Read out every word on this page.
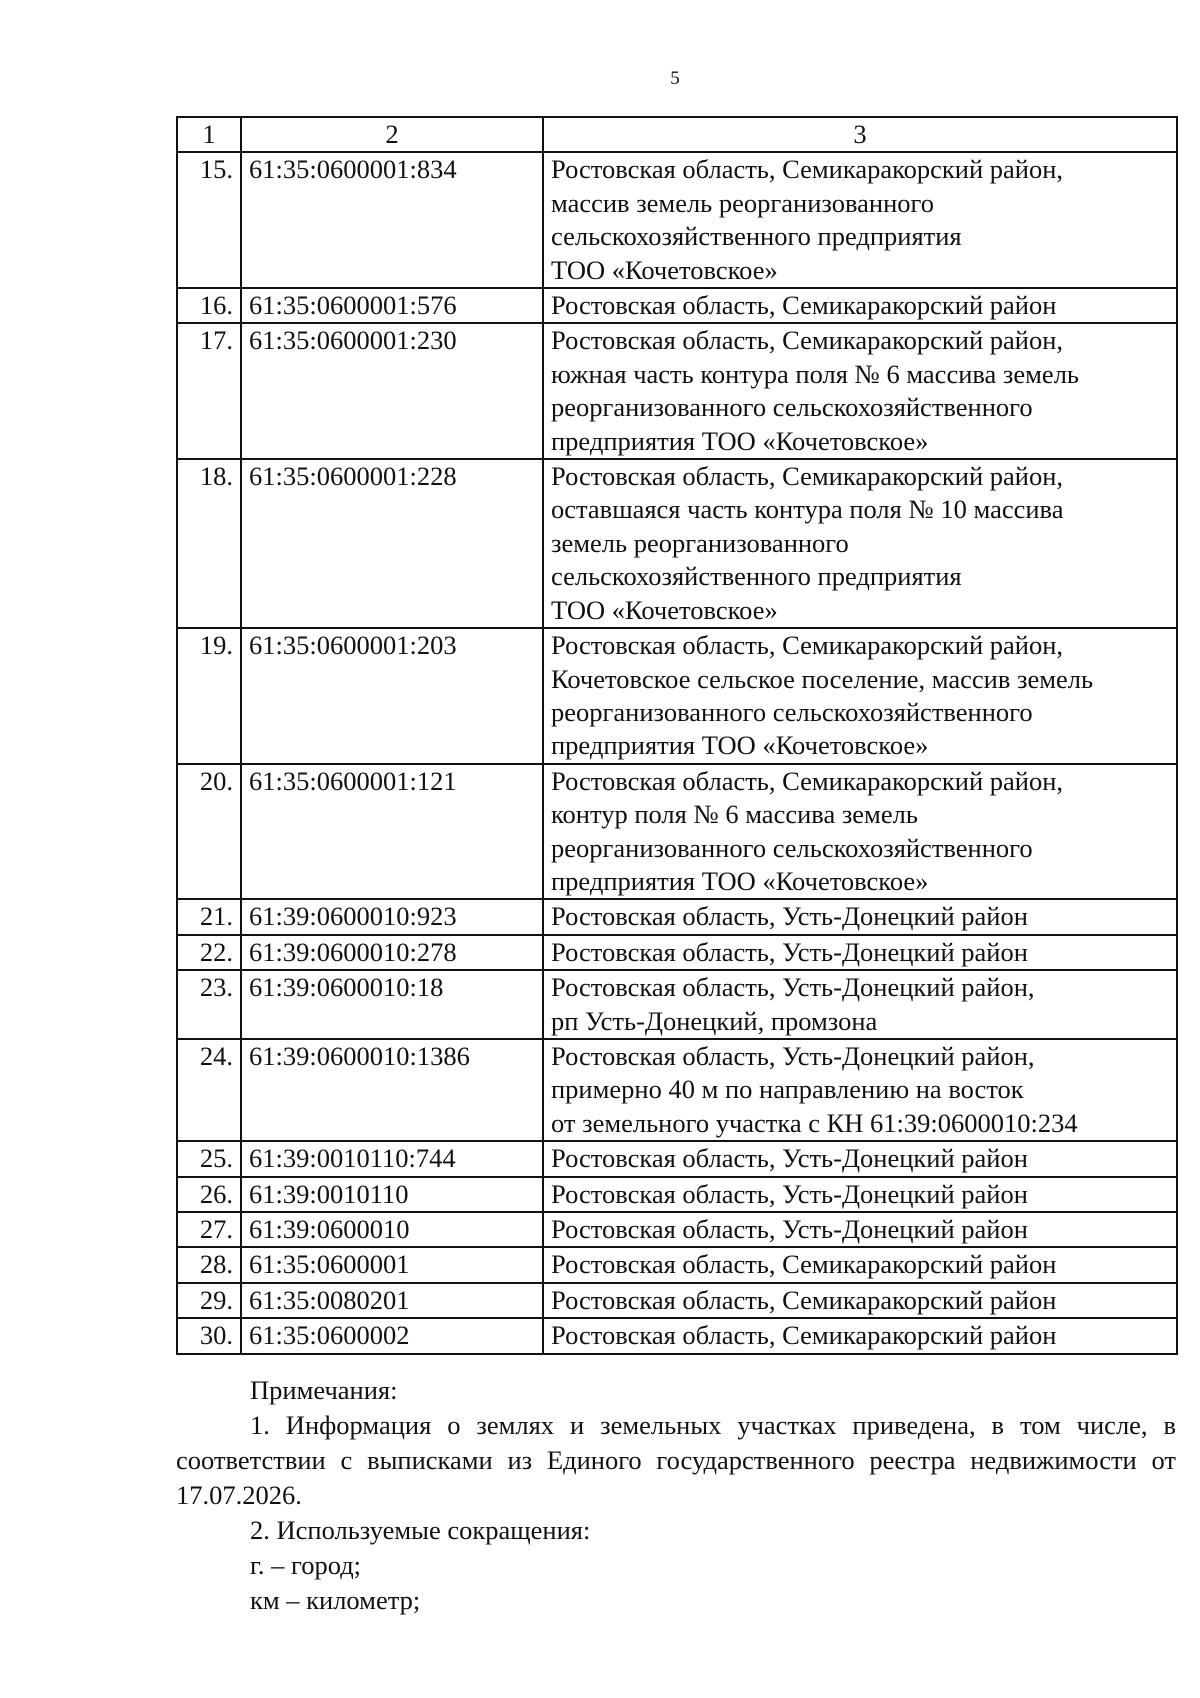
5
1	2	3
15.	61:35:0600001:834	Ростовская область, Семикаракорский район,
массив земель реорганизованного
сельскохозяйственного предприятия
ТОО «Кочетовское»
16.	61:35:0600001:576	Ростовская область, Семикаракорский район
17.	61:35:0600001:230	Ростовская область, Семикаракорский район,
южная часть контура поля № 6 массива земель
реорганизованного сельскохозяйственного
предприятия ТОО «Кочетовское»
18.	61:35:0600001:228	Ростовская область, Семикаракорский район,
oставшаяся часть контура поля № 10 массива
земель реорганизованного
сельскохозяйственного предприятия
ТОО «Кочетовское»
19.	61:35:0600001:203	Ростовская область, Семикаракорский район,
Кочетовское сельское поселение, массив земель
реорганизованного сельскохозяйственного
предприятия ТОО «Кочетовское»
20.	61:35:0600001:121	Ростовская область, Семикаракорский район,
контур поля № 6 массива земель
реорганизованного сельскохозяйственного
предприятия ТОО «Кочетовское»
21.	61:39:0600010:923	Ростовская область, Усть-Донецкий район
22.	61:39:0600010:278	Ростовская область, Усть-Донецкий район
23.	61:39:0600010:18	Ростовская область, Усть-Донецкий район,
рп Усть-Донецкий, промзона
24.	61:39:0600010:1386	Ростовская область, Усть-Донецкий район,
примерно 40 м по направлению на восток
от земельного участка с КН 61:39:0600010:234
25.	61:39:0010110:744	Ростовская область, Усть-Донецкий район
26.	61:39:0010110	Ростовская область, Усть-Донецкий район
27.	61:39:0600010	Ростовская область, Усть-Донецкий район
28.	61:35:0600001	Ростовская область, Семикаракорский район
29.	61:35:0080201	Ростовская область, Семикаракорский район
30.	61:35:0600002	Ростовская область, Семикаракорский район
Примечания:
1. Информация о землях и земельных участках приведена, в том числе, в соответствии с выписками из Единого государственного реестра недвижимости от 17.07.2026.
2. Используемые сокращения:
г. – город;
км – километр;
